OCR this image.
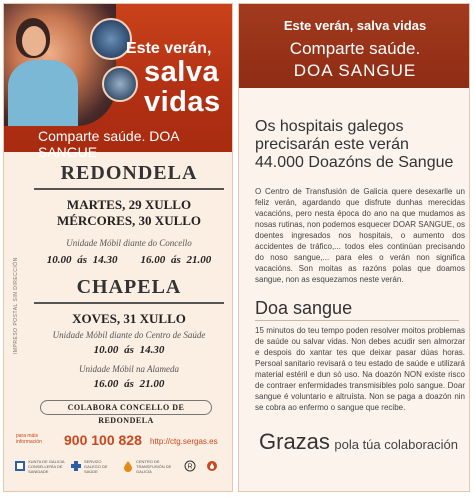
Este verán,
salva
vidas
Comparte saúde. DOA SANGUE
IMPRESO POSTAL SIN DIRECCIÓN
REDONDELA
MARTES, 29 XULLO
MÉRCORES, 30 XULLO
Unidade Móbil diante do Concello
10.00 ás 14.30 16.00 ás 21.00
CHAPELA
XOVES, 31 XULLO
Unidade Móbil diante do Centro de Saúde
10.00 ás 14.30
Unidade Móbil na Alameda
16.00 ás 21.00
COLABORA CONCELLO DE REDONDELA
para máis información	900 100 828 http://ctg.sergas.es
XUNTA DE GALICIA CONSELLERÍA DE SANIDADE
SERVIZO GALEGO DE SAÚDE
CENTRO DE TRANSFUSIÓN DE GALICIA
R
Este verán, salva vidas
Comparte saúde.
DOA SANGUE
Os hospitais galegos
precisarán este verán
44.000 Doazóns de Sangue
O Centro de Transfusión de Galicia quere desexarlle un feliz verán, agardando que disfrute dunhas merecidas vacacións, pero nesta época do ano na que mudamos as nosas rutinas, non podemos esquecer DOAR SANGUE, os doentes ingresados nos hospitais, o aumento dos accidentes de tráfico,... todos eles continúan precisando do noso sangue,... para eles o verán non significa vacacións. Son moitas as razóns polas que doamos sangue, non as esquezamos neste verán.
Doa sangue
15 minutos do teu tempo poden resolver moitos problemas de saúde ou salvar vidas. Non debes acudir sen almorzar e despois do xantar tes que deixar pasar dúas horas. Persoal sanitario revisará o teu estado de saúde e utilizará material estéril e dun só uso. Na doazón NON existe risco de contraer enfermidades transmisibles polo sangue. Doar sangue é voluntario e altruísta. Non se paga a doazón nin se cobra ao enfermo o sangue que recibe.
Grazas pola túa colaboración
